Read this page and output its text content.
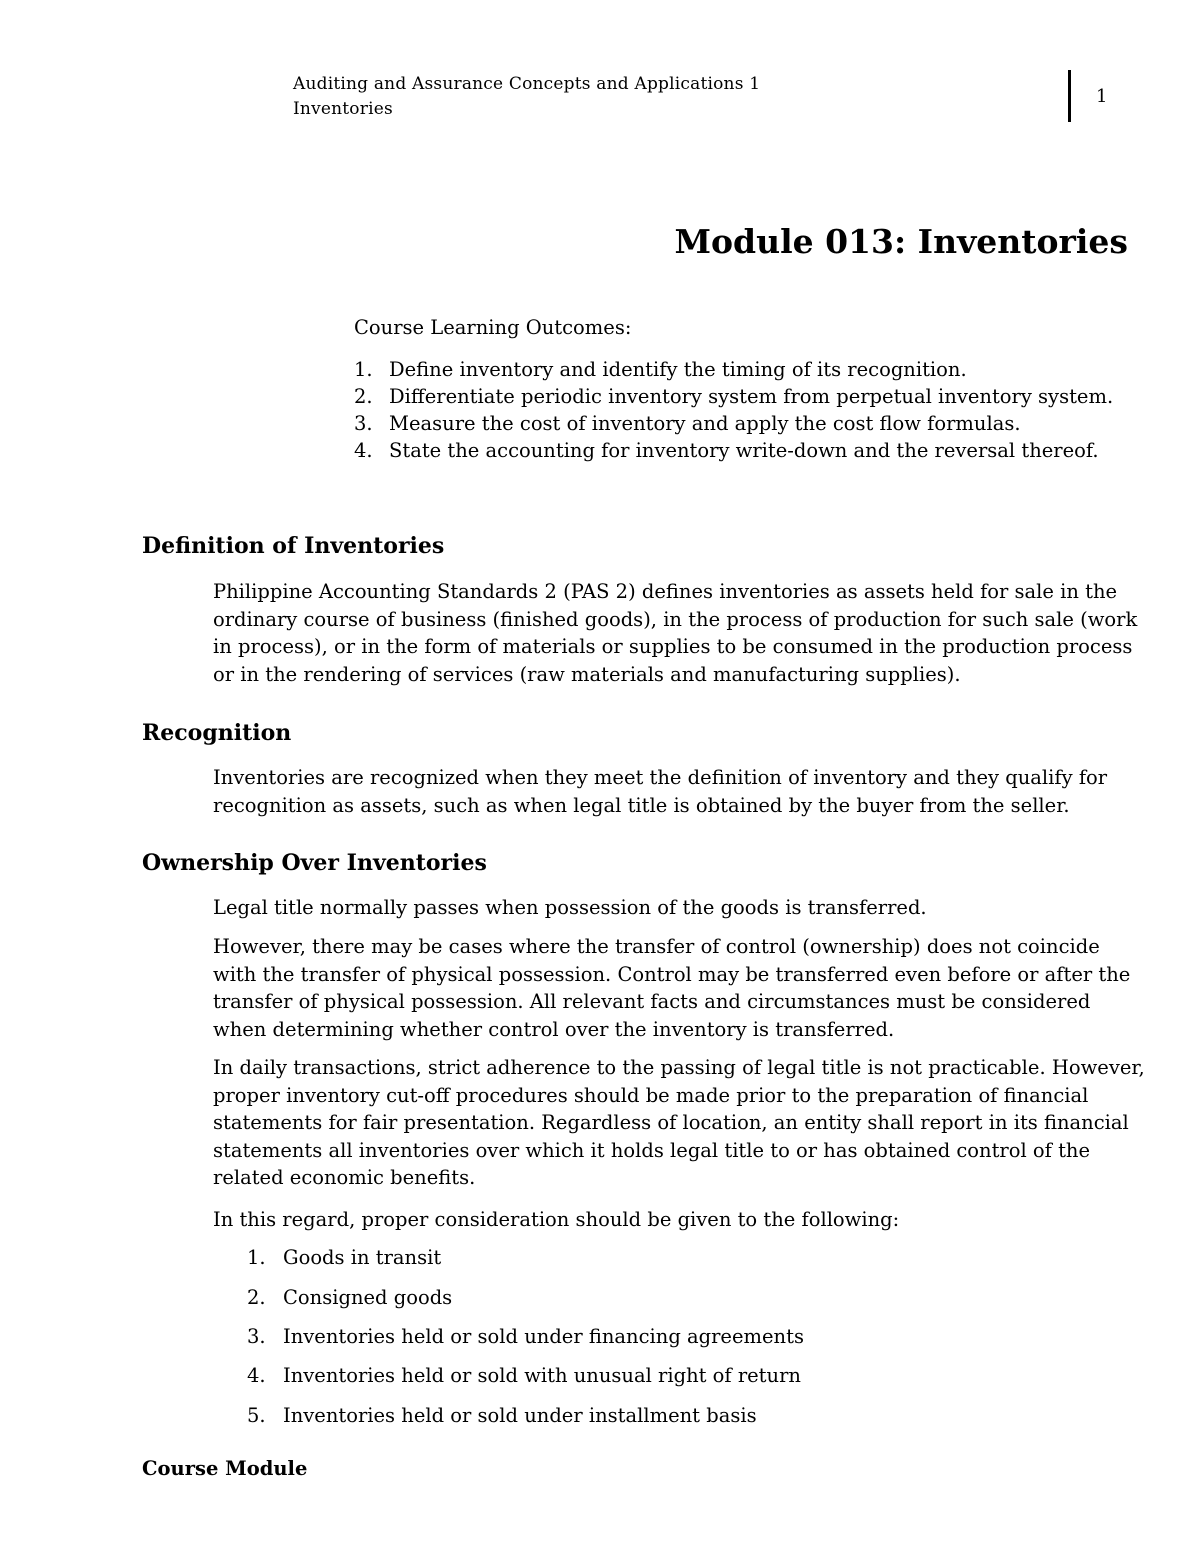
Auditing and Assurance Concepts and Applications 1
Inventories
1
Module 013: Inventories
Course Learning Outcomes:
1. Define inventory and identify the timing of its recognition.
2. Differentiate periodic inventory system from perpetual inventory system.
3. Measure the cost of inventory and apply the cost flow formulas.
4. State the accounting for inventory write-down and the reversal thereof.
Definition of Inventories
Philippine Accounting Standards 2 (PAS 2) defines inventories as assets held for sale in the ordinary course of business (finished goods), in the process of production for such sale (work in process), or in the form of materials or supplies to be consumed in the production process or in the rendering of services (raw materials and manufacturing supplies).
Recognition
Inventories are recognized when they meet the definition of inventory and they qualify for recognition as assets, such as when legal title is obtained by the buyer from the seller.
Ownership Over Inventories
Legal title normally passes when possession of the goods is transferred.
However, there may be cases where the transfer of control (ownership) does not coincide with the transfer of physical possession. Control may be transferred even before or after the transfer of physical possession. All relevant facts and circumstances must be considered when determining whether control over the inventory is transferred.
In daily transactions, strict adherence to the passing of legal title is not practicable. However, proper inventory cut-off procedures should be made prior to the preparation of financial statements for fair presentation. Regardless of location, an entity shall report in its financial statements all inventories over which it holds legal title to or has obtained control of the related economic benefits.
In this regard, proper consideration should be given to the following:
1. Goods in transit
2. Consigned goods
3. Inventories held or sold under financing agreements
4. Inventories held or sold with unusual right of return
5. Inventories held or sold under installment basis
Course Module
